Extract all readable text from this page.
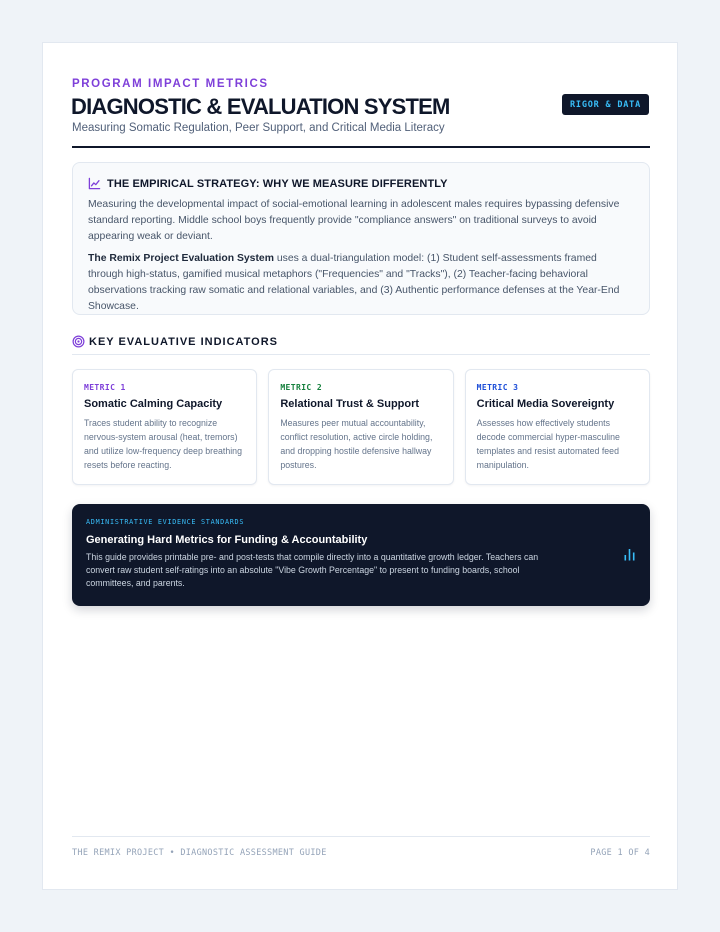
PROGRAM IMPACT METRICS
DIAGNOSTIC & EVALUATION SYSTEM
Measuring Somatic Regulation, Peer Support, and Critical Media Literacy
RIGOR & DATA
THE EMPIRICAL STRATEGY: WHY WE MEASURE DIFFERENTLY

Measuring the developmental impact of social-emotional learning in adolescent males requires bypassing defensive standard reporting. Middle school boys frequently provide "compliance answers" on traditional surveys to avoid appearing weak or deviant.

The Remix Project Evaluation System uses a dual-triangulation model: (1) Student self-assessments framed through high-status, gamified musical metaphors ("Frequencies" and "Tracks"), (2) Teacher-facing behavioral observations tracking raw somatic and relational variables, and (3) Authentic performance defenses at the Year-End Showcase.

KEY EVALUATIVE INDICATORS
METRIC 1
Somatic Calming Capacity
Traces student ability to recognize nervous-system arousal (heat, tremors) and utilize low-frequency deep breathing resets before reacting.
METRIC 2
Relational Trust & Support
Measures peer mutual accountability, conflict resolution, active circle holding, and dropping hostile defensive hallway postures.
METRIC 3
Critical Media Sovereignty
Assesses how effectively students decode commercial hyper-masculine templates and resist automated feed manipulation.
ADMINISTRATIVE EVIDENCE STANDARDS
Generating Hard Metrics for Funding & Accountability
This guide provides printable pre- and post-tests that compile directly into a quantitative growth ledger. Teachers can convert raw student self-ratings into an absolute "Vibe Growth Percentage" to present to funding boards, school committees, and parents.
THE REMIX PROJECT • DIAGNOSTIC ASSESSMENT GUIDE	PAGE 1 OF 4
